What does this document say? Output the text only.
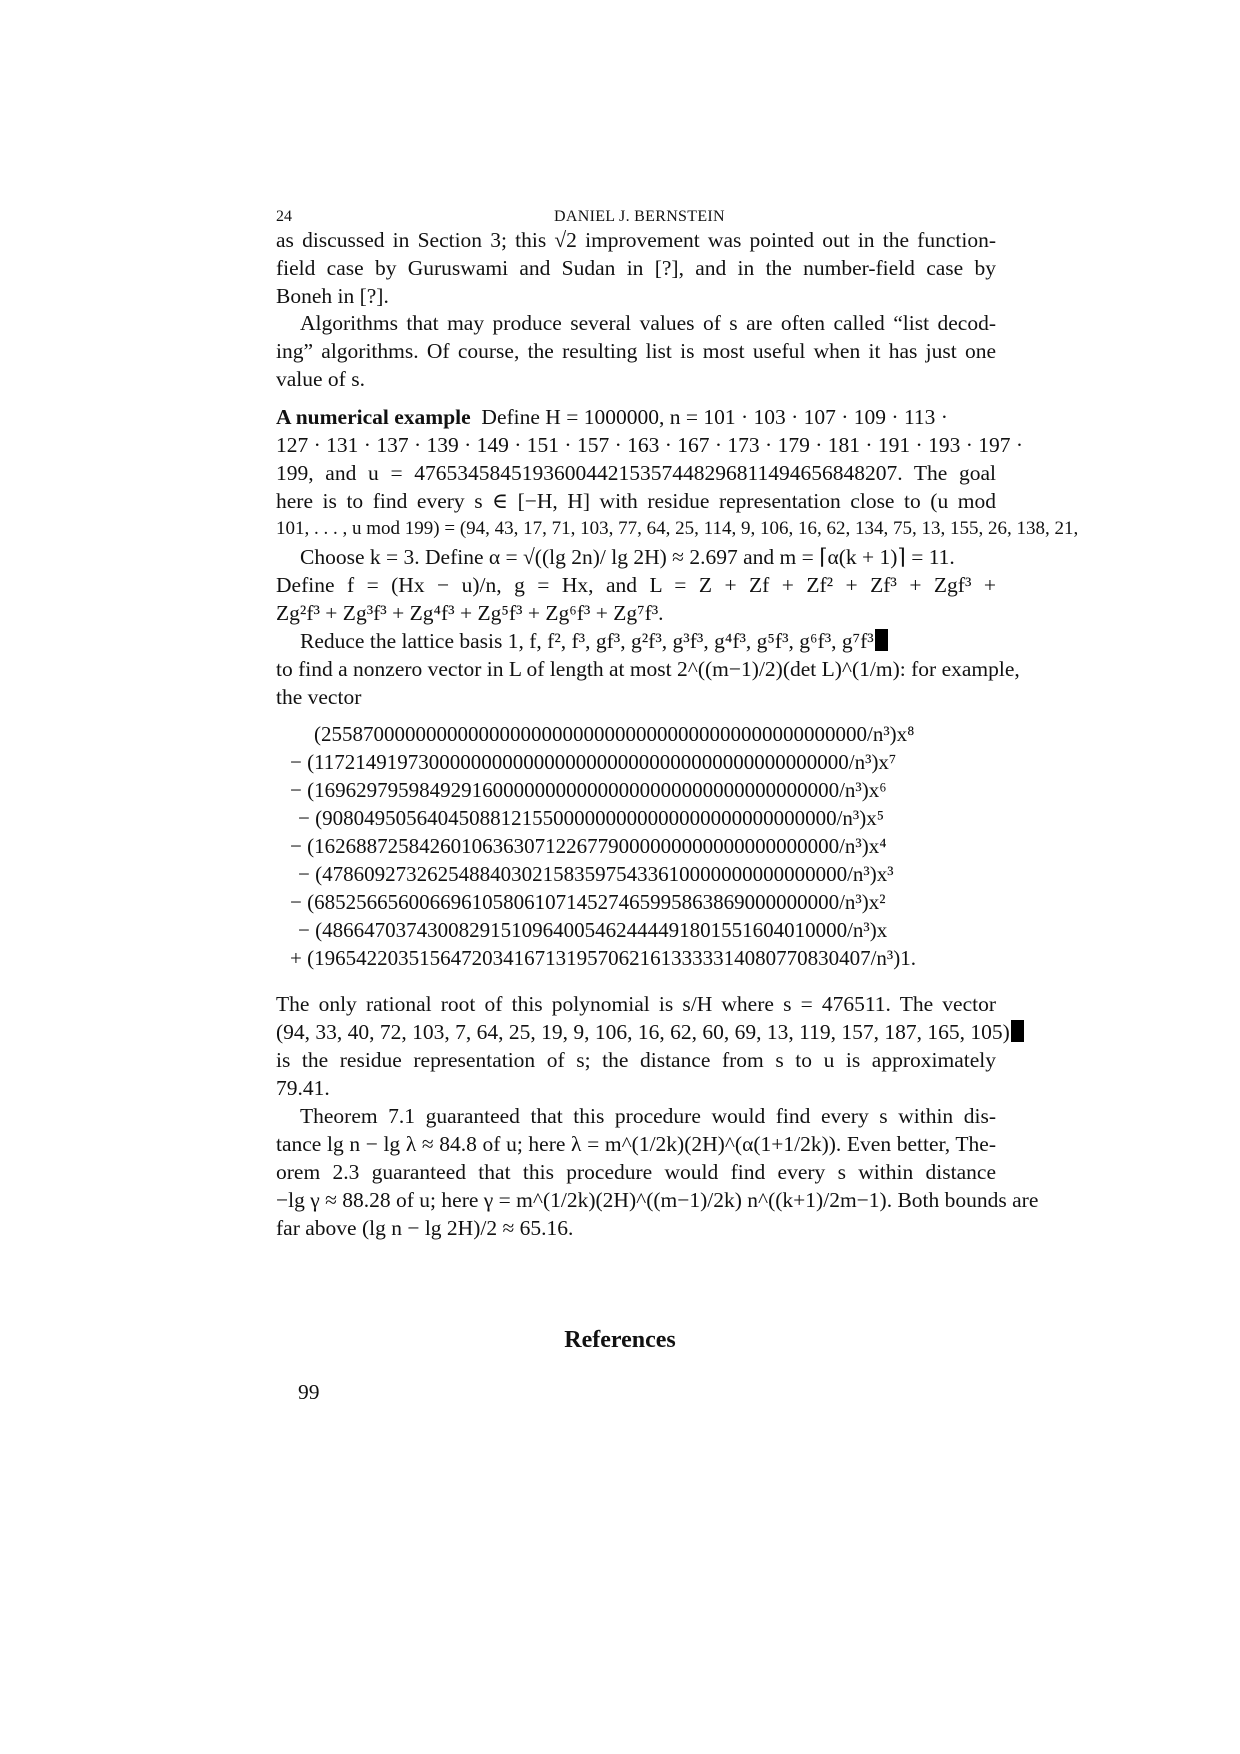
24	DANIEL J. BERNSTEIN
as discussed in Section 3; this √2 improvement was pointed out in the function-
field case by Guruswami and Sudan in [?], and in the number-field case by
Boneh in [?].
Algorithms that may produce several values of s are often called “list decod-
ing” algorithms. Of course, the resulting list is most useful when it has just one
value of s.
A numerical example Define H = 1000000, n = 101 · 103 · 107 · 109 · 113 ·
127 · 131 · 137 · 139 · 149 · 151 · 157 · 163 · 167 · 173 · 179 · 181 · 191 · 193 · 197 ·
199, and u = 476534584519360044215357448296811494656848207. The goal
here is to find every s ∈ [−H, H] with residue representation close to (u mod
101, . . . , u mod 199) = (94, 43, 17, 71, 103, 77, 64, 25, 114, 9, 106, 16, 62, 134, 75, 13, 155, 26, 138, 21,
Choose k = 3. Define α = √((lg 2n)/ lg 2H) ≈ 2.697 and m = ⌈α(k + 1)⌉ = 11.
Define f = (Hx − u)/n, g = Hx, and L = Z + Zf + Zf² + Zf³ + Zgf³ +
Zg²f³ + Zg³f³ + Zg⁴f³ + Zg⁵f³ + Zg⁶f³ + Zg⁷f³.
Reduce the lattice basis 1, f, f², f³, gf³, g²f³, g³f³, g⁴f³, g⁵f³, g⁶f³, g⁷f³
to find a nonzero vector in L of length at most 2^((m−1)/2)(det L)^(1/m): for example,
the vector
(2558700000000000000000000000000000000000000000000000/n³)x⁸
− (117214919730000000000000000000000000000000000000000/n³)x⁷
− (16962979598492916000000000000000000000000000000000/n³)x⁶
− (9080495056404508812155000000000000000000000000000/n³)x⁵
− (16268872584260106363071226779000000000000000000000/n³)x⁴
− (47860927326254884030215835975433610000000000000000/n³)x³
− (68525665600669610580610714527465995863869000000000/n³)x²
− (48664703743008291510964005462444491801551604010000/n³)x
+ (19654220351564720341671319570621613333314080770830407/n³)1.
The only rational root of this polynomial is s/H where s = 476511. The vector
(94, 33, 40, 72, 103, 7, 64, 25, 19, 9, 106, 16, 62, 60, 69, 13, 119, 157, 187, 165, 105)
is the residue representation of s; the distance from s to u is approximately
79.41.
Theorem 7.1 guaranteed that this procedure would find every s within dis-
tance lg n − lg λ ≈ 84.8 of u; here λ = m^(1/2k)(2H)^(α(1+1/2k)). Even better, The-
orem 2.3 guaranteed that this procedure would find every s within distance
−lg γ ≈ 88.28 of u; here γ = m^(1/2k)(2H)^((m−1)/2k) n^((k+1)/2m−1). Both bounds are
far above (lg n − lg 2H)/2 ≈ 65.16.
References
99
